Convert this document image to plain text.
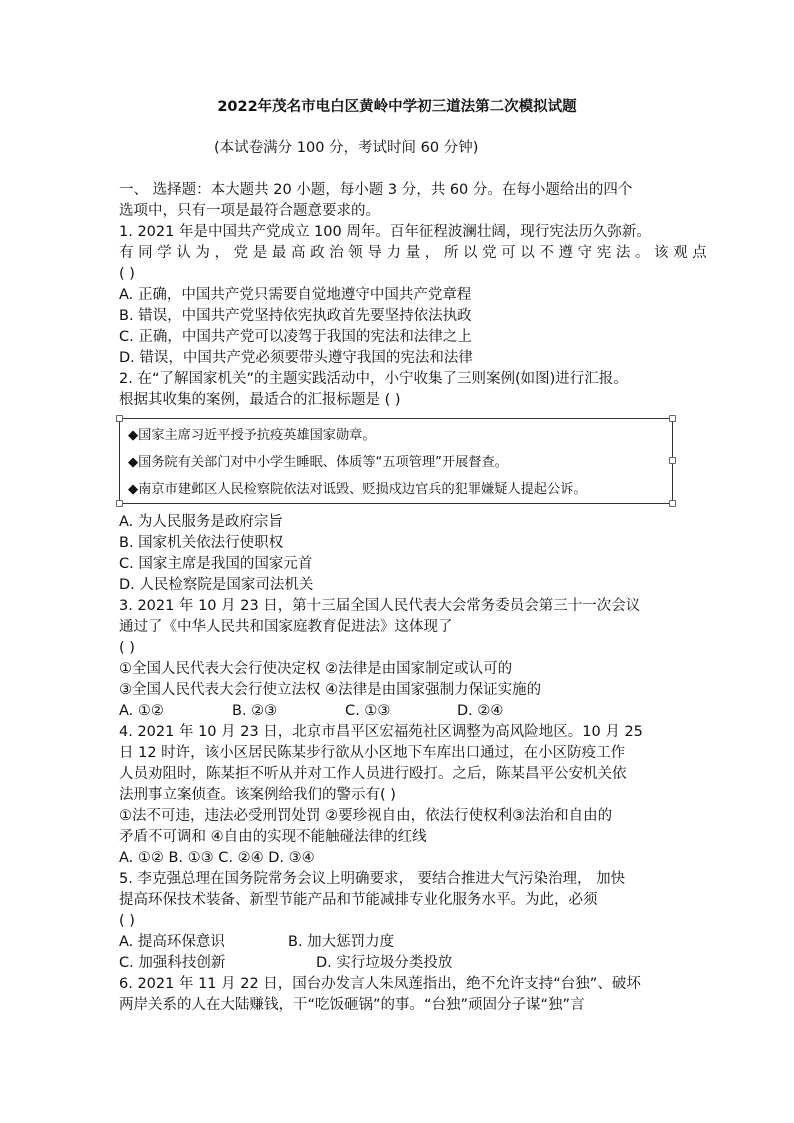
2022年茂名市电白区黄岭中学初三道法第二次模拟试题
(本试卷满分 100 分，考试时间 60 分钟)
一、 选择题：本大题共 20 小题，每小题 3 分，共 60 分。在每小题给出的四个
选项中，只有一项是最符合题意要求的。
1. 2021 年是中国共产党成立 100 周年。百年征程波澜壮阔，现行宪法历久弥新。
有 同 学 认 为 ， 党 是 最 高 政 治 领 导 力 量 ， 所 以 党 可 以 不 遵 守 宪 法 。 该 观 点
( )
A. 正确，中国共产党只需要自觉地遵守中国共产党章程
B. 错误，中国共产党坚持依宪执政首先要坚持依法执政
C. 正确，中国共产党可以凌驾于我国的宪法和法律之上
D. 错误，中国共产党必须要带头遵守我国的宪法和法律
2. 在“了解国家机关”的主题实践活动中，小宁收集了三则案例(如图)进行汇报。
根据其收集的案例，最适合的汇报标题是 ( )
◆国家主席习近平授予抗疫英雄国家勋章。
◆国务院有关部门对中小学生睡眠、体质等“五项管理”开展督查。
◆南京市建邺区人民检察院依法对诋毁、贬损戍边官兵的犯罪嫌疑人提起公诉。
A. 为人民服务是政府宗旨
B. 国家机关依法行使职权
C. 国家主席是我国的国家元首
D. 人民检察院是国家司法机关
3. 2021 年 10 月 23 日，第十三届全国人民代表大会常务委员会第三十一次会议
通过了《中华人民共和国家庭教育促进法》这体现了
( )
①全国人民代表大会行使决定权 ②法律是由国家制定或认可的
③全国人民代表大会行使立法权 ④法律是由国家强制力保证实施的
A. ①②	B. ②③	C. ①③	D. ②④
4. 2021 年 10 月 23 日，北京市昌平区宏福苑社区调整为高风险地区。10 月 25
日 12 时许，该小区居民陈某步行欲从小区地下车库出口通过，在小区防疫工作
人员劝阻时，陈某拒不听从并对工作人员进行殴打。之后，陈某昌平公安机关依
法刑事立案侦查。该案例给我们的警示有( )
①法不可违，违法必受刑罚处罚 ②要珍视自由，依法行使权利③法治和自由的
矛盾不可调和 ④自由的实现不能触碰法律的红线
A. ①② B. ①③ C. ②④ D. ③④
5. 李克强总理在国务院常务会议上明确要求， 要结合推进大气污染治理， 加快
提高环保技术装备、新型节能产品和节能减排专业化服务水平。为此，必须
( )
A. 提高环保意识	B. 加大惩罚力度
C. 加强科技创新	D. 实行垃圾分类投放
6. 2021 年 11 月 22 日，国台办发言人朱凤莲指出，绝不允许支持“台独”、破坏
两岸关系的人在大陆赚钱，干“吃饭砸锅”的事。“台独”顽固分子谋“独”言
